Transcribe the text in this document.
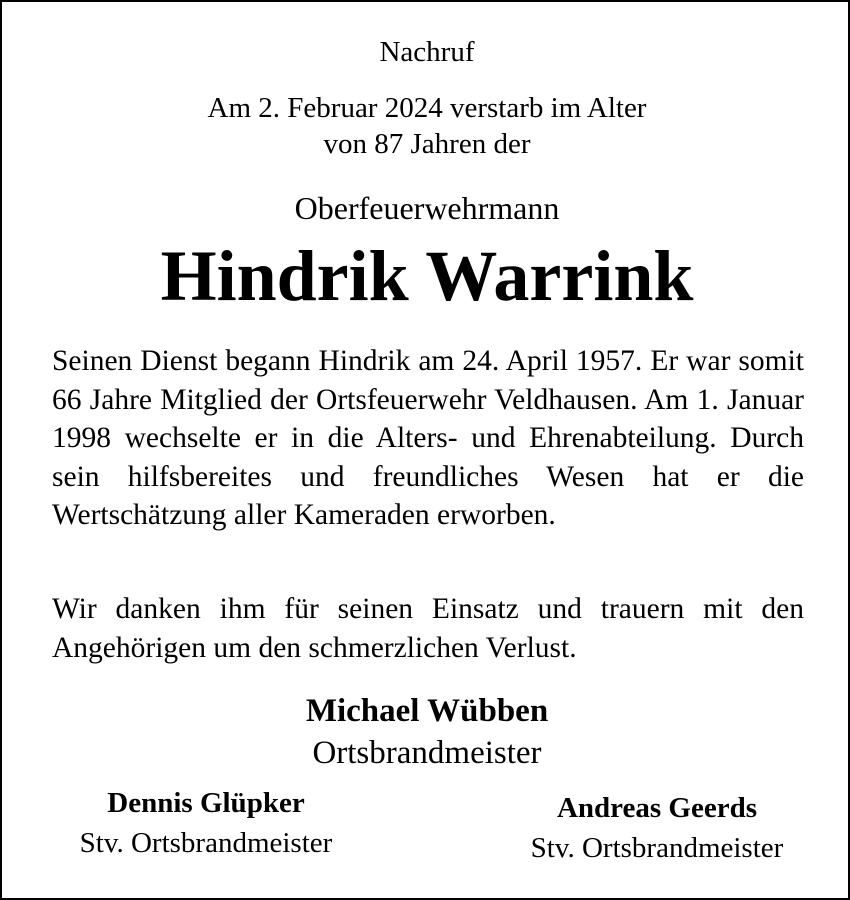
Nachruf
Am 2. Februar 2024 verstarb im Alter
von 87 Jahren der
Oberfeuerwehrmann
Hindrik Warrink

Seinen Dienst begann Hindrik am 24. April 1957. Er war somit 66 Jahre Mitglied der Ortsfeuerwehr Veldhausen. Am 1. Januar 1998 wechselte er in die Alters- und Ehrenabteilung. Durch sein hilfsbereites und freundliches Wesen hat er die Wertschätzung aller Kameraden erworben.

Wir danken ihm für seinen Einsatz und trauern mit den Angehörigen um den schmerzlichen Verlust.

Michael Wübben
Ortsbrandmeister
Dennis Glüpker
Stv. Ortsbrandmeister
Andreas Geerds
Stv. Ortsbrandmeister
